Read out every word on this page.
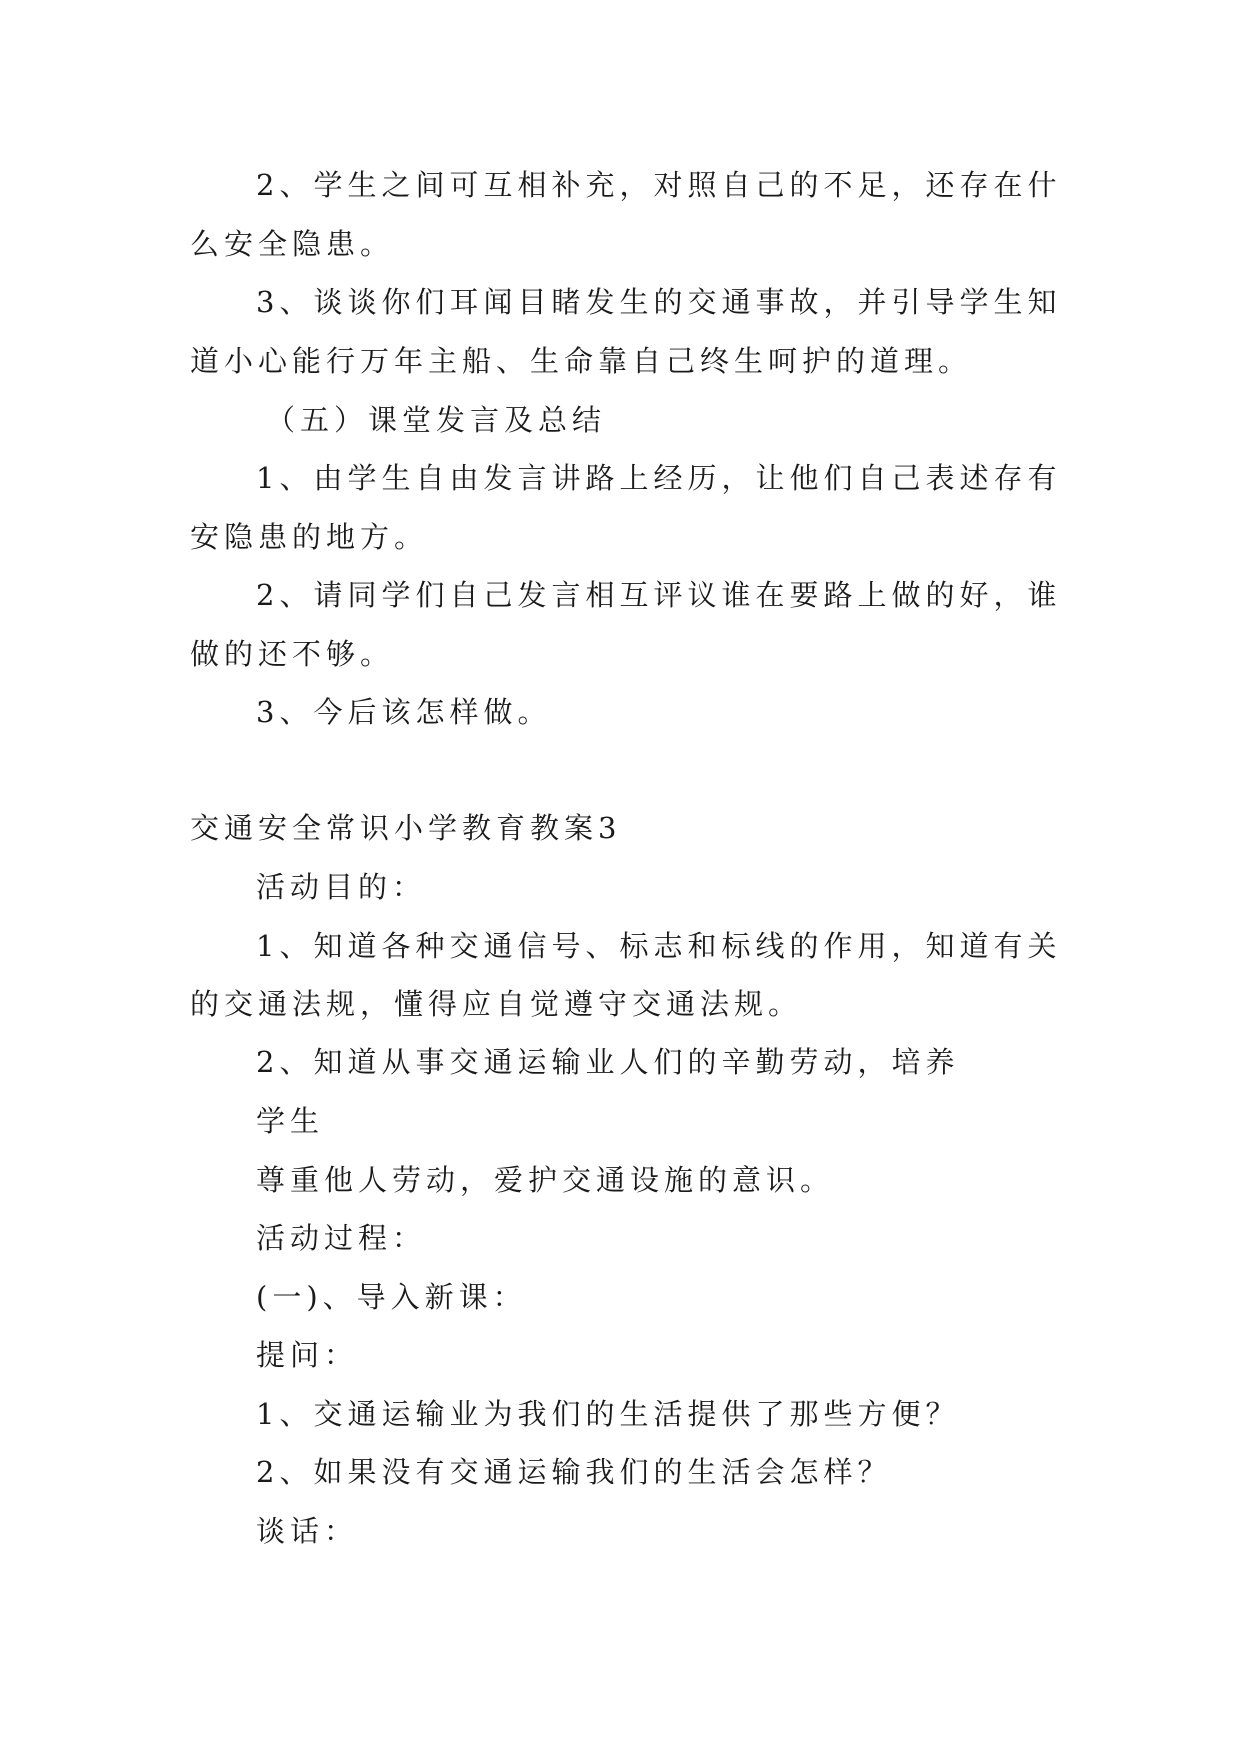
2、学生之间可互相补充，对照自己的不足，还存在什
么安全隐患。
3、谈谈你们耳闻目睹发生的交通事故，并引导学生知
道小心能行万年主船、生命靠自己终生呵护的道理。
（五）课堂发言及总结
1、由学生自由发言讲路上经历，让他们自己表述存有
安隐患的地方。
2、请同学们自己发言相互评议谁在要路上做的好，谁
做的还不够。
3、今后该怎样做。
交通安全常识小学教育教案3
活动目的：
1、知道各种交通信号、标志和标线的作用，知道有关
的交通法规，懂得应自觉遵守交通法规。
2、知道从事交通运输业人们的辛勤劳动，培养
学生
尊重他人劳动，爱护交通设施的意识。
活动过程：
(一)、导入新课：
提问：
1、交通运输业为我们的生活提供了那些方便？
2、如果没有交通运输我们的生活会怎样？
谈话：
